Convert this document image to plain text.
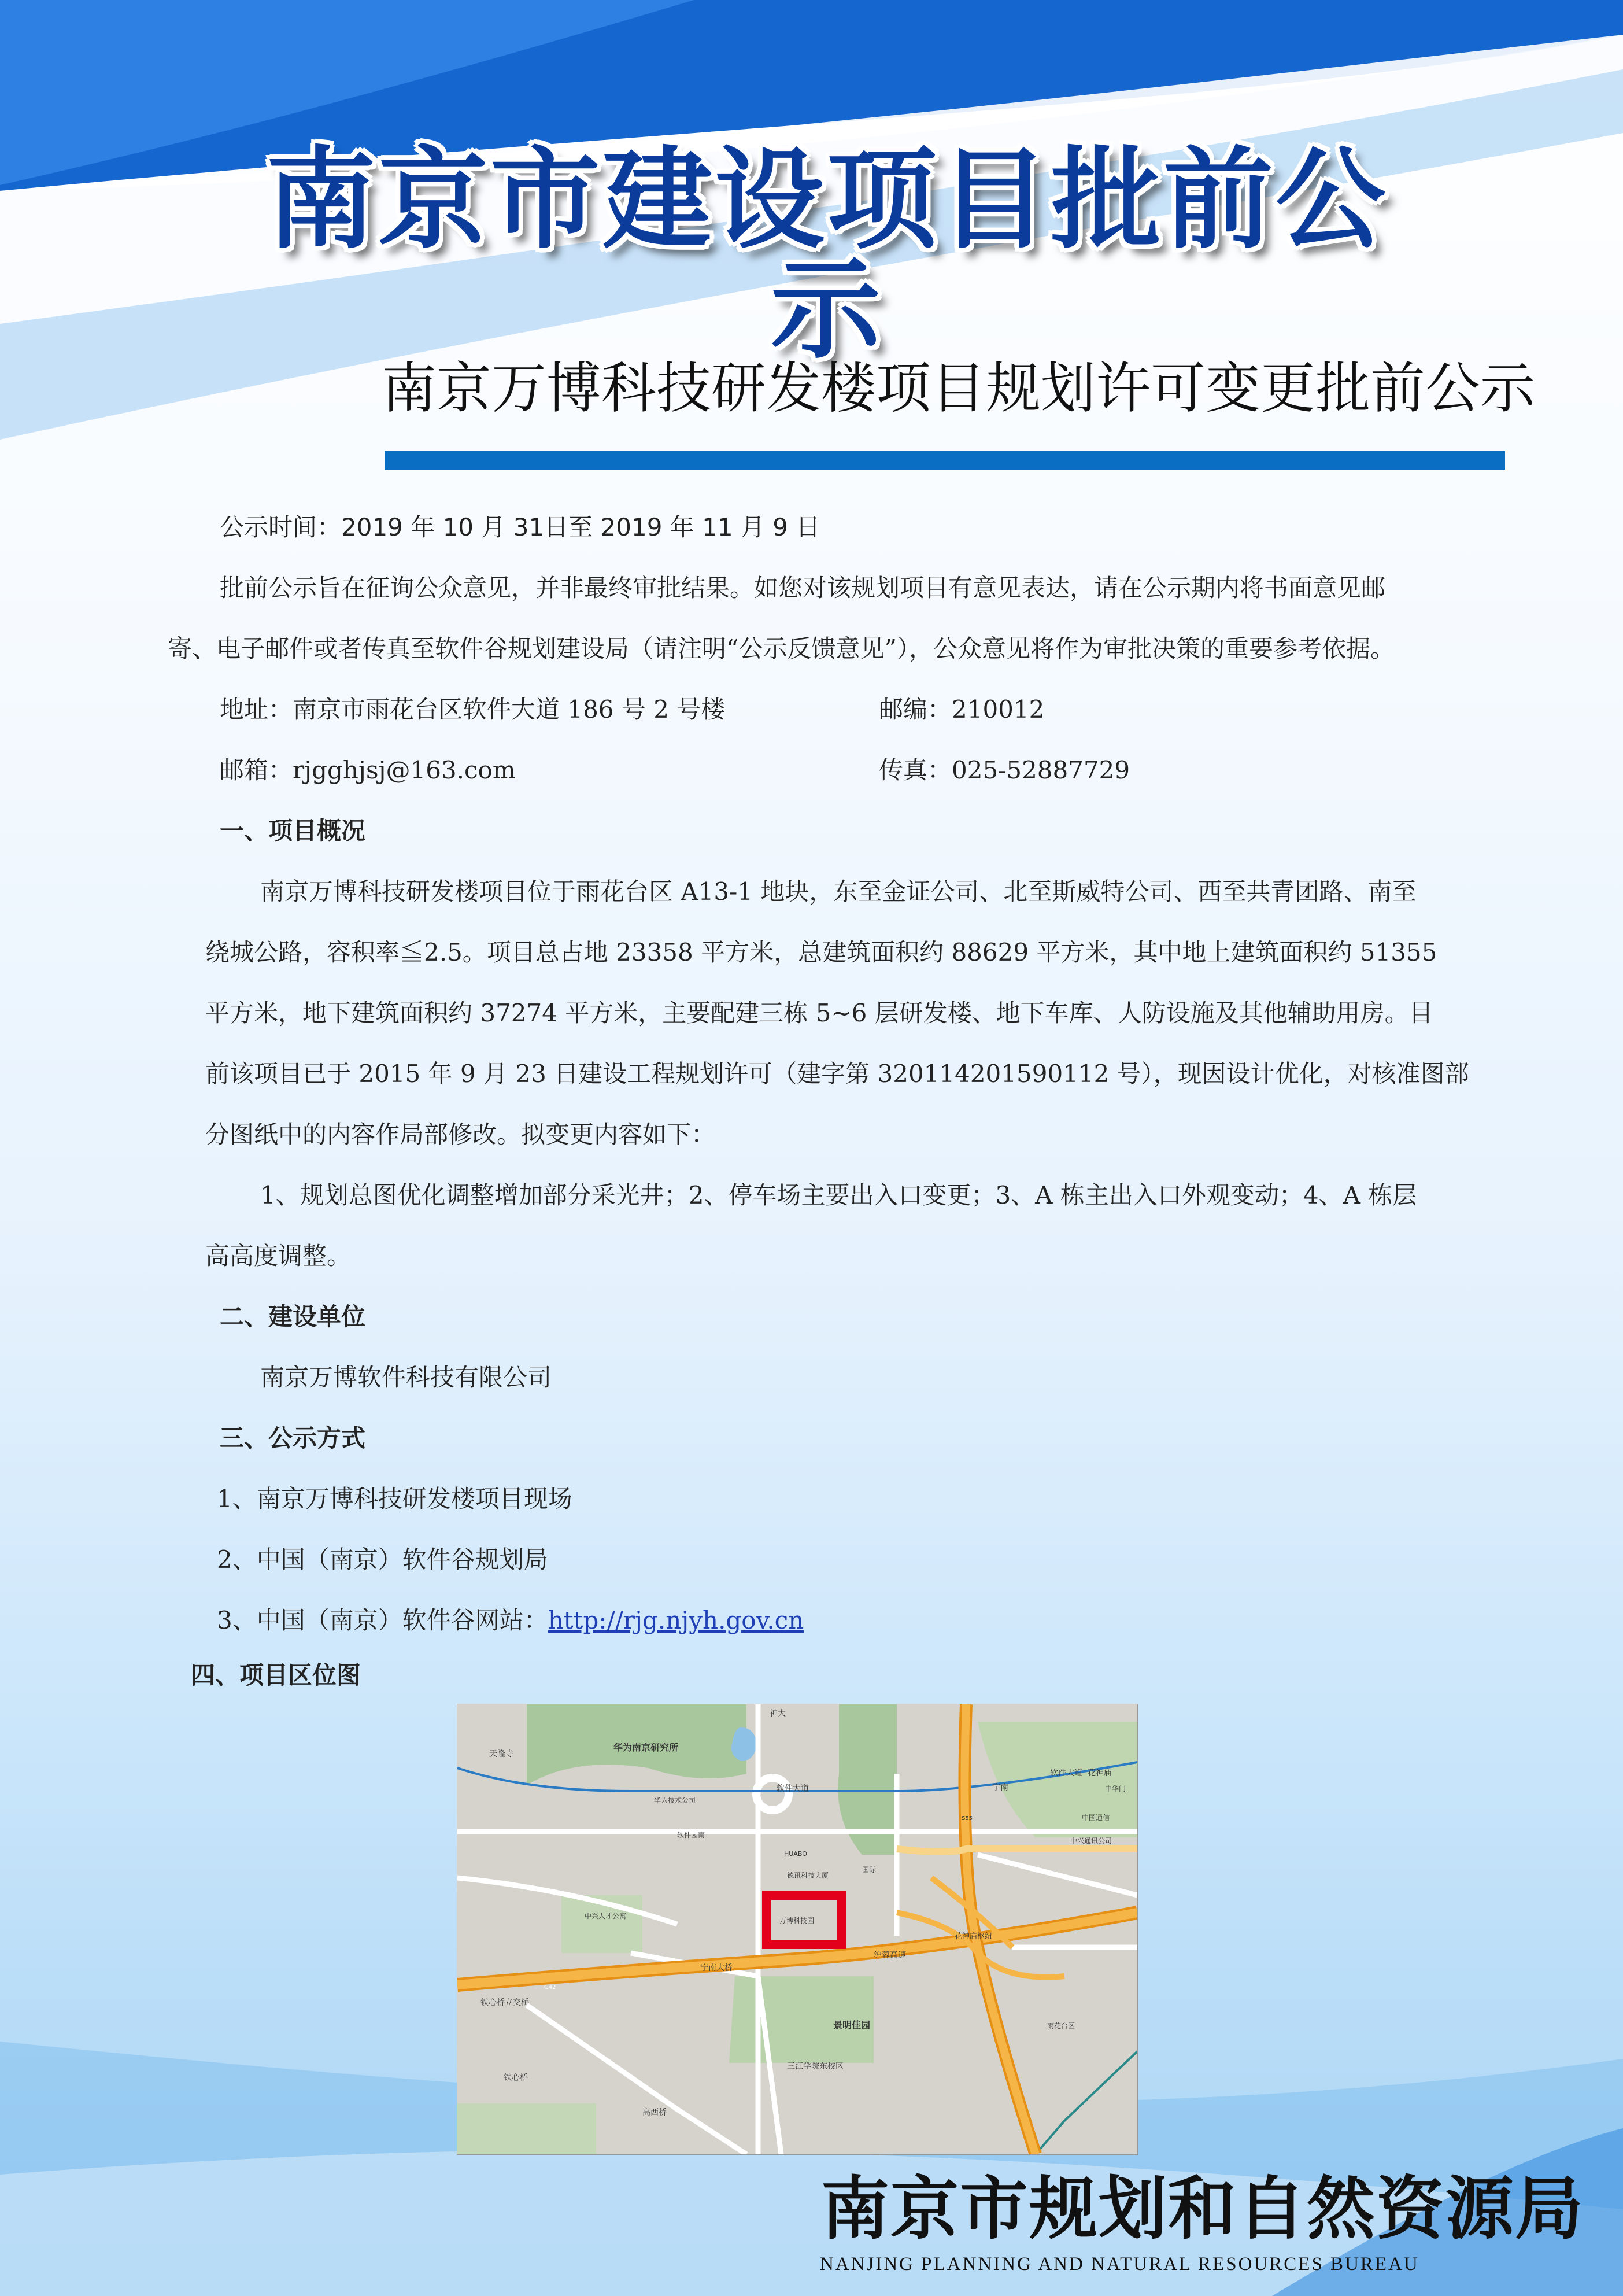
南京市建设项目批前公示
南京万博科技研发楼项目规划许可变更批前公示
公示时间：2019 年 10 月 31日至 2019 年 11 月 9 日
批前公示旨在征询公众意见，并非最终审批结果。如您对该规划项目有意见表达，请在公示期内将书面意见邮
寄、电子邮件或者传真至软件谷规划建设局（请注明“公示反馈意见”），公众意见将作为审批决策的重要参考依据。
地址：南京市雨花台区软件大道 186 号 2 号楼	邮编：210012
邮箱：rjgghjsj@163.com	传真：025-52887729
一、项目概况
南京万博科技研发楼项目位于雨花台区 A13-1 地块，东至金证公司、北至斯威特公司、西至共青团路、南至
绕城公路，容积率≦2.5。项目总占地 23358 平方米，总建筑面积约 88629 平方米，其中地上建筑面积约 51355
平方米，地下建筑面积约 37274 平方米，主要配建三栋 5~6 层研发楼、地下车库、人防设施及其他辅助用房。目
前该项目已于 2015 年 9 月 23 日建设工程规划许可（建字第 320114201590112 号），现因设计优化，对核准图部
分图纸中的内容作局部修改。拟变更内容如下：
1、规划总图优化调整增加部分采光井；2、停车场主要出入口变更；3、A 栋主出入口外观变动；4、A 栋层
高高度调整。
二、建设单位
南京万博软件科技有限公司
三、公示方式
1、南京万博科技研发楼项目现场
2、中国（南京）软件谷规划局
3、中国（南京）软件谷网站：http://rjg.njyh.gov.cn
四、项目区位图
天隆寺
华为南京研究所
神大
软件大道	宁南
软件大道 花神庙
万博科技园
沪蓉高速
宁南大桥
铁心桥立交桥
景明佳园
三江学院东校区
铁心桥
高西桥
中国通信
中兴通讯公司
中华门
花神庙枢纽
华为技术公司
软件园南
德讯科技大厦
国际
HUABO
中兴人才公寓
G42
S55
雨花台区
南京市规划和自然资源局
NANJING PLANNING AND NATURAL RESOURCES BUREAU
